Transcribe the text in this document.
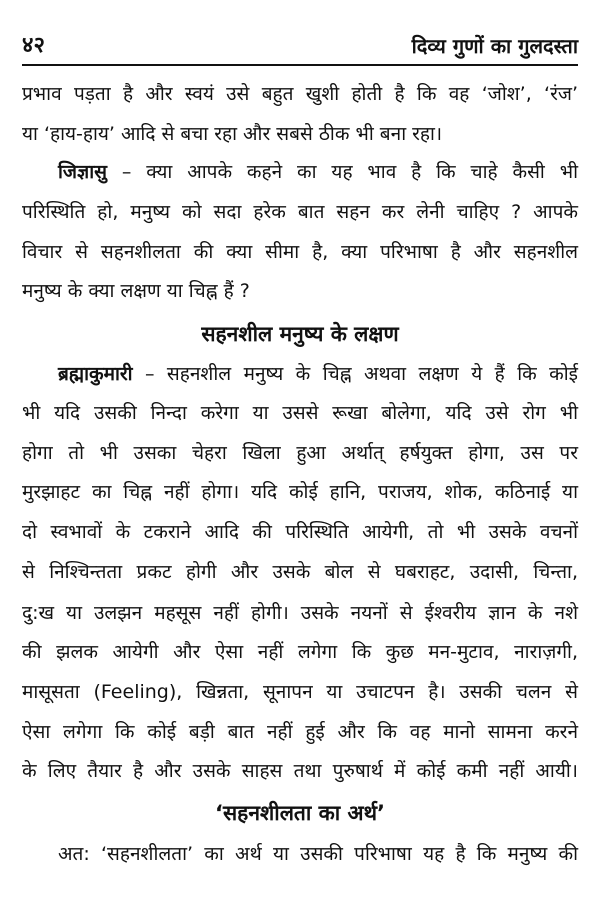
४२	दिव्य गुणों का गुलदस्ता
प्रभाव पड़ता है और स्वयं उसे बहुत खुशी होती है कि वह ‘जोश’, ‘रंज’
या ‘हाय-हाय’ आदि से बचा रहा और सबसे ठीक भी बना रहा।
जिज्ञासु – क्या आपके कहने का यह भाव है कि चाहे कैसी भी
परिस्थिति हो, मनुष्य को सदा हरेक बात सहन कर लेनी चाहिए ? आपके
विचार से सहनशीलता की क्या सीमा है, क्या परिभाषा है और सहनशील
मनुष्य के क्या लक्षण या चिह्न हैं ?
सहनशील मनुष्य के लक्षण
ब्रह्माकुमारी – सहनशील मनुष्य के चिह्न अथवा लक्षण ये हैं कि कोई
भी यदि उसकी निन्दा करेगा या उससे रूखा बोलेगा, यदि उसे रोग भी
होगा तो भी उसका चेहरा खिला हुआ अर्थात् हर्षयुक्त होगा, उस पर
मुरझाहट का चिह्न नहीं होगा। यदि कोई हानि, पराजय, शोक, कठिनाई या
दो स्वभावों के टकराने आदि की परिस्थिति आयेगी, तो भी उसके वचनों
से निश्चिन्तता प्रकट होगी और उसके बोल से घबराहट, उदासी, चिन्ता,
दु:ख या उलझन महसूस नहीं होगी। उसके नयनों से ईश्वरीय ज्ञान के नशे
की झलक आयेगी और ऐसा नहीं लगेगा कि कुछ मन-मुटाव, नाराज़गी,
मासूसता (Feeling), खिन्नता, सूनापन या उचाटपन है। उसकी चलन से
ऐसा लगेगा कि कोई बड़ी बात नहीं हुई और कि वह मानो सामना करने
के लिए तैयार है और उसके साहस तथा पुरुषार्थ में कोई कमी नहीं आयी।
‘सहनशीलता का अर्थ’
अत: ‘सहनशीलता’ का अर्थ या उसकी परिभाषा यह है कि मनुष्य की
